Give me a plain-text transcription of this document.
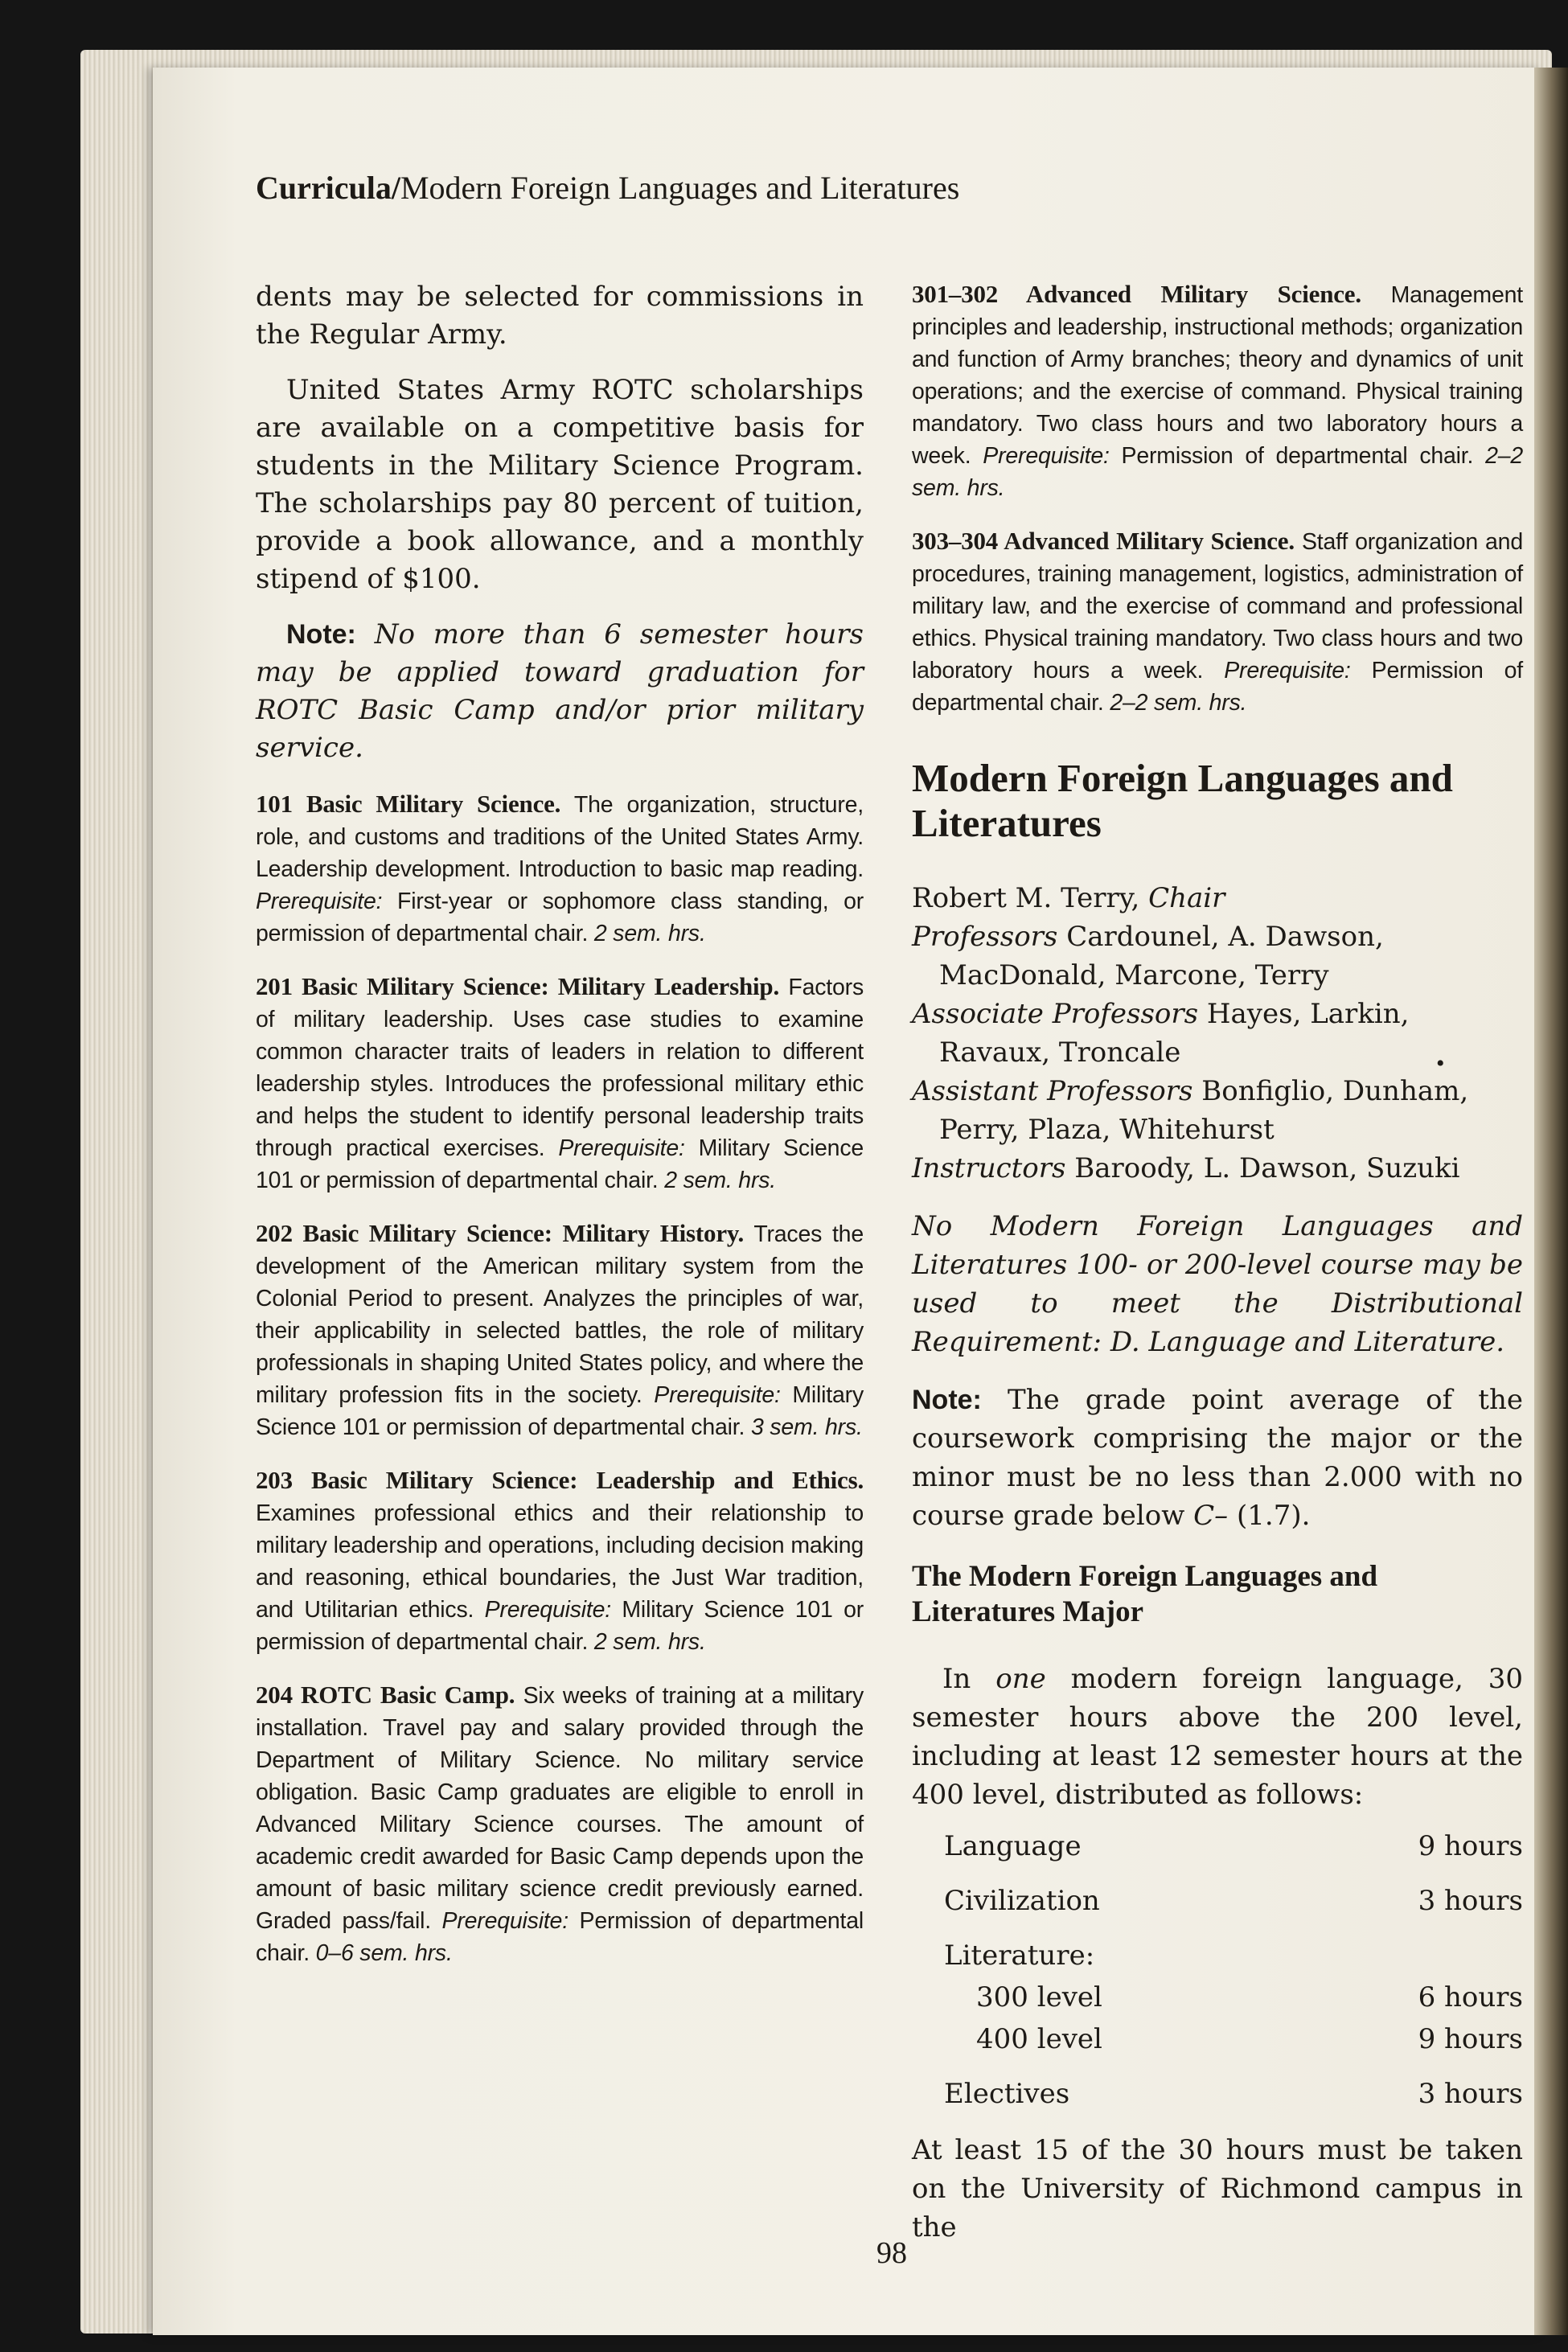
Curricula/Modern Foreign Languages and Literatures

dents may be selected for commissions in the Regular Army.

United States Army ROTC scholarships are available on a competitive basis for students in the Military Science Program. The scholarships pay 80 percent of tuition, provide a book allowance, and a monthly stipend of $100.

Note: No more than 6 semester hours may be applied toward graduation for ROTC Basic Camp and/or prior military service.

101 Basic Military Science. The organization, structure, role, and customs and traditions of the United States Army. Leadership development. Introduction to basic map reading. Prerequisite: First-year or sophomore class standing, or permission of departmental chair. 2 sem. hrs.

201 Basic Military Science: Military Leadership. Factors of military leadership. Uses case studies to examine common character traits of leaders in relation to different leadership styles. Introduces the professional military ethic and helps the student to identify personal leadership traits through practical exercises. Prerequisite: Military Science 101 or permission of departmental chair. 2 sem. hrs.

202 Basic Military Science: Military History. Traces the development of the American military system from the Colonial Period to present. Analyzes the principles of war, their applicability in selected battles, the role of military professionals in shaping United States policy, and where the military profession fits in the society. Prerequisite: Military Science 101 or permission of departmental chair. 3 sem. hrs.

203 Basic Military Science: Leadership and Ethics. Examines professional ethics and their relationship to military leadership and operations, including decision making and reasoning, ethical boundaries, the Just War tradition, and Utilitarian ethics. Prerequisite: Military Science 101 or permission of departmental chair. 2 sem. hrs.

204 ROTC Basic Camp. Six weeks of training at a military installation. Travel pay and salary provided through the Department of Military Science. No military service obligation. Basic Camp graduates are eligible to enroll in Advanced Military Science courses. The amount of academic credit awarded for Basic Camp depends upon the amount of basic military science credit previously earned. Graded pass/fail. Prerequisite: Permission of departmental chair. 0–6 sem. hrs.

301–302 Advanced Military Science. Management principles and leadership, instructional methods; organization and function of Army branches; theory and dynamics of unit operations; and the exercise of command. Physical training mandatory. Two class hours and two laboratory hours a week. Prerequisite: Permission of departmental chair. 2–2 sem. hrs.

303–304 Advanced Military Science. Staff organization and procedures, training management, logistics, administration of military law, and the exercise of command and professional ethics. Physical training mandatory. Two class hours and two laboratory hours a week. Prerequisite: Permission of departmental chair. 2–2 sem. hrs.

Modern Foreign Languages and Literatures
Robert M. Terry, Chair
Professors Cardounel, A. Dawson, MacDonald, Marcone, Terry
Associate Professors Hayes, Larkin, Ravaux, Troncale
Assistant Professors Bonfiglio, Dunham, Perry, Plaza, Whitehurst
Instructors Baroody, L. Dawson, Suzuki

No Modern Foreign Languages and Literatures 100- or 200-level course may be used to meet the Distributional Requirement: D. Language and Literature.

Note: The grade point average of the coursework comprising the major or the minor must be no less than 2.000 with no course grade below C– (1.7).

The Modern Foreign Languages and Literatures Major

In one modern foreign language, 30 semester hours above the 200 level, including at least 12 semester hours at the 400 level, distributed as follows:

Language	9 hours
Civilization	3 hours
Literature:
300 level	6 hours
400 level	9 hours
Electives	3 hours

At least 15 of the 30 hours must be taken on the University of Richmond campus in the

•
98
